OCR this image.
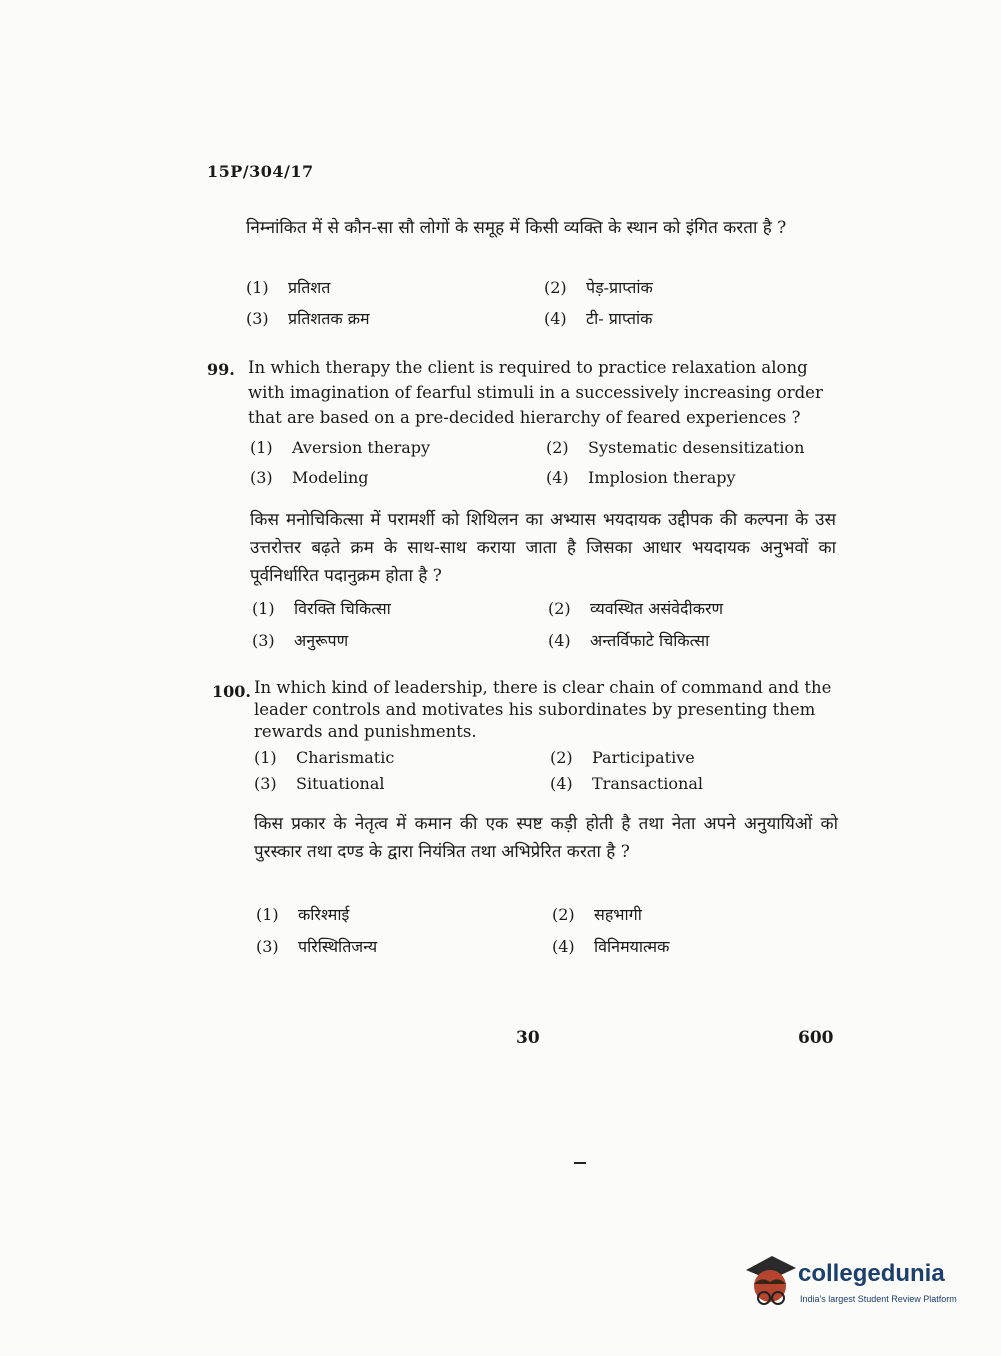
15P/304/17
निम्नांकित में से कौन-सा सौ लोगों के समूह में किसी व्यक्ति के स्थान को इंगित करता है ?
(1) प्रतिशत	(2) पेड़-प्राप्तांक
(3) प्रतिशतक क्रम	(4) टी- प्राप्तांक
99. In which therapy the client is required to practice relaxation along with imagination of fearful stimuli in a successively increasing order that are based on a pre-decided hierarchy of feared experiences ?
(1) Aversion therapy	(2) Systematic desensitization
(3) Modeling	(4) Implosion therapy
किस मनोचिकित्सा में परामर्शी को शिथिलन का अभ्यास भयदायक उद्दीपक की कल्पना के उस उत्तरोत्तर बढ़ते क्रम के साथ-साथ कराया जाता है जिसका आधार भयदायक अनुभवों का पूर्वनिर्धारित पदानुक्रम होता है ?
(1) विरक्ति चिकित्सा	(2) व्यवस्थित असंवेदीकरण
(3) अनुरूपण	(4) अन्तर्विफाटे चिकित्सा
100. In which kind of leadership, there is clear chain of command and the leader controls and motivates his subordinates by presenting them rewards and punishments.
(1) Charismatic	(2) Participative
(3) Situational	(4) Transactional
किस प्रकार के नेतृत्व में कमान की एक स्पष्ट कड़ी होती है तथा नेता अपने अनुयायिओं को पुरस्कार तथा दण्ड के द्वारा नियंत्रित तथा अभिप्रेरित करता है ?
(1) करिश्माई	(2) सहभागी
(3) परिस्थितिजन्य	(4) विनिमयात्मक
30	600
collegedunia
India's largest Student Review Platform
